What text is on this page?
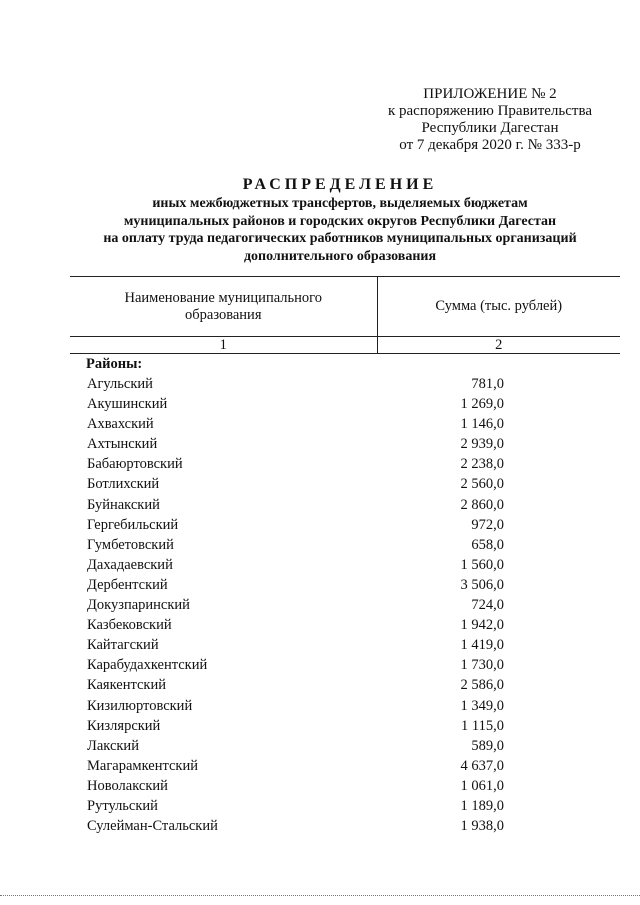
ПРИЛОЖЕНИЕ № 2
к распоряжению Правительства
Республики Дагестан
от 7 декабря 2020 г. № 333-р
РАСПРЕДЕЛЕНИЕ
иных межбюджетных трансфертов, выделяемых бюджетам
муниципальных районов и городских округов Республики Дагестан
на оплату труда педагогических работников муниципальных организаций
дополнительного образования
Наименование муниципального
образования	Сумма (тыс. рублей)
1	2
Районы:	
Агульский	781,0
Акушинский	1 269,0
Ахвахский	1 146,0
Ахтынский	2 939,0
Бабаюртовский	2 238,0
Ботлихский	2 560,0
Буйнакский	2 860,0
Гергебильский	972,0
Гумбетовский	658,0
Дахадаевский	1 560,0
Дербентский	3 506,0
Докузпаринский	724,0
Казбековский	1 942,0
Кайтагский	1 419,0
Карабудахкентский	1 730,0
Каякентский	2 586,0
Кизилюртовский	1 349,0
Кизлярский	1 115,0
Лакский	589,0
Магарамкентский	4 637,0
Новолакский	1 061,0
Рутульский	1 189,0
Сулейман-Стальский	1 938,0
